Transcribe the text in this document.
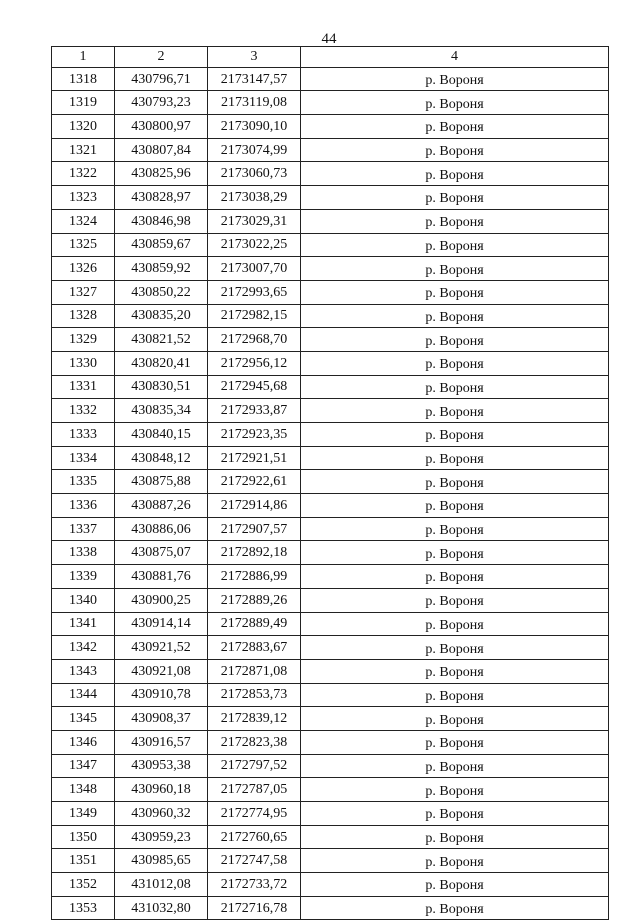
44
1	2	3	4
1318	430796,71	2173147,57	р. Вороня
1319	430793,23	2173119,08	р. Вороня
1320	430800,97	2173090,10	р. Вороня
1321	430807,84	2173074,99	р. Вороня
1322	430825,96	2173060,73	р. Вороня
1323	430828,97	2173038,29	р. Вороня
1324	430846,98	2173029,31	р. Вороня
1325	430859,67	2173022,25	р. Вороня
1326	430859,92	2173007,70	р. Вороня
1327	430850,22	2172993,65	р. Вороня
1328	430835,20	2172982,15	р. Вороня
1329	430821,52	2172968,70	р. Вороня
1330	430820,41	2172956,12	р. Вороня
1331	430830,51	2172945,68	р. Вороня
1332	430835,34	2172933,87	р. Вороня
1333	430840,15	2172923,35	р. Вороня
1334	430848,12	2172921,51	р. Вороня
1335	430875,88	2172922,61	р. Вороня
1336	430887,26	2172914,86	р. Вороня
1337	430886,06	2172907,57	р. Вороня
1338	430875,07	2172892,18	р. Вороня
1339	430881,76	2172886,99	р. Вороня
1340	430900,25	2172889,26	р. Вороня
1341	430914,14	2172889,49	р. Вороня
1342	430921,52	2172883,67	р. Вороня
1343	430921,08	2172871,08	р. Вороня
1344	430910,78	2172853,73	р. Вороня
1345	430908,37	2172839,12	р. Вороня
1346	430916,57	2172823,38	р. Вороня
1347	430953,38	2172797,52	р. Вороня
1348	430960,18	2172787,05	р. Вороня
1349	430960,32	2172774,95	р. Вороня
1350	430959,23	2172760,65	р. Вороня
1351	430985,65	2172747,58	р. Вороня
1352	431012,08	2172733,72	р. Вороня
1353	431032,80	2172716,78	р. Вороня
